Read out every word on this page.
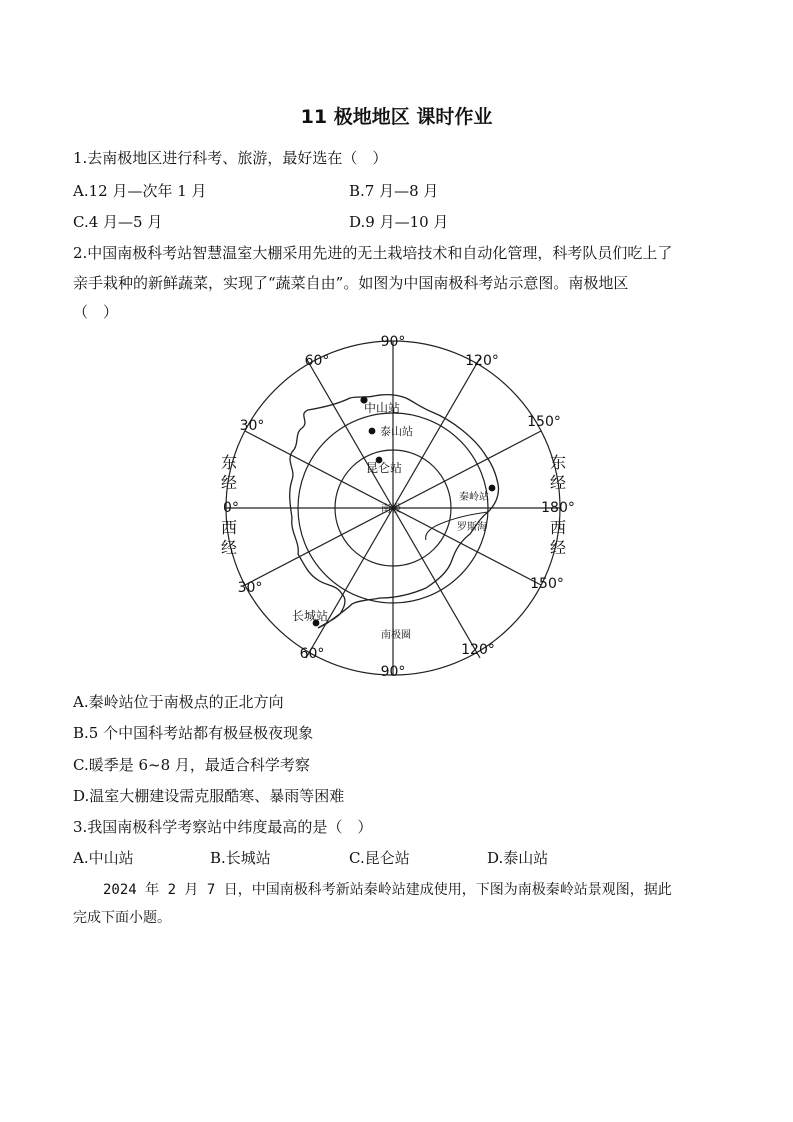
11 极地地区 课时作业
1.去南极地区进行科考、旅游，最好选在（　）
A.12 月—次年 1 月	B.7 月—8 月
C.4 月—5 月	D.9 月—10 月
2.中国南极科考站智慧温室大棚采用先进的无土栽培技术和自动化管理，科考队员们吃上了
亲手栽种的新鲜蔬菜，实现了“蔬菜自由”。如图为中国南极科考站示意图。南极地区
（　）
90°
90°
60°	120°
60°	120°
30°	150°
30°	150°
0°	180°
东
经
西
经
东
经
西
经
中山站
泰山站
昆仑站
秦岭站
长城站
南极
罗斯海
南极圈
A.秦岭站位于南极点的正北方向
B.5 个中国科考站都有极昼极夜现象
C.暖季是 6~8 月，最适合科学考察
D.温室大棚建设需克服酷寒、暴雨等困难
3.我国南极科学考察站中纬度最高的是（　）
A.中山站	B.长城站	C.昆仑站	D.泰山站
2024 年 2 月 7 日，中国南极科考新站秦岭站建成使用，下图为南极秦岭站景观图，据此
完成下面小题。
